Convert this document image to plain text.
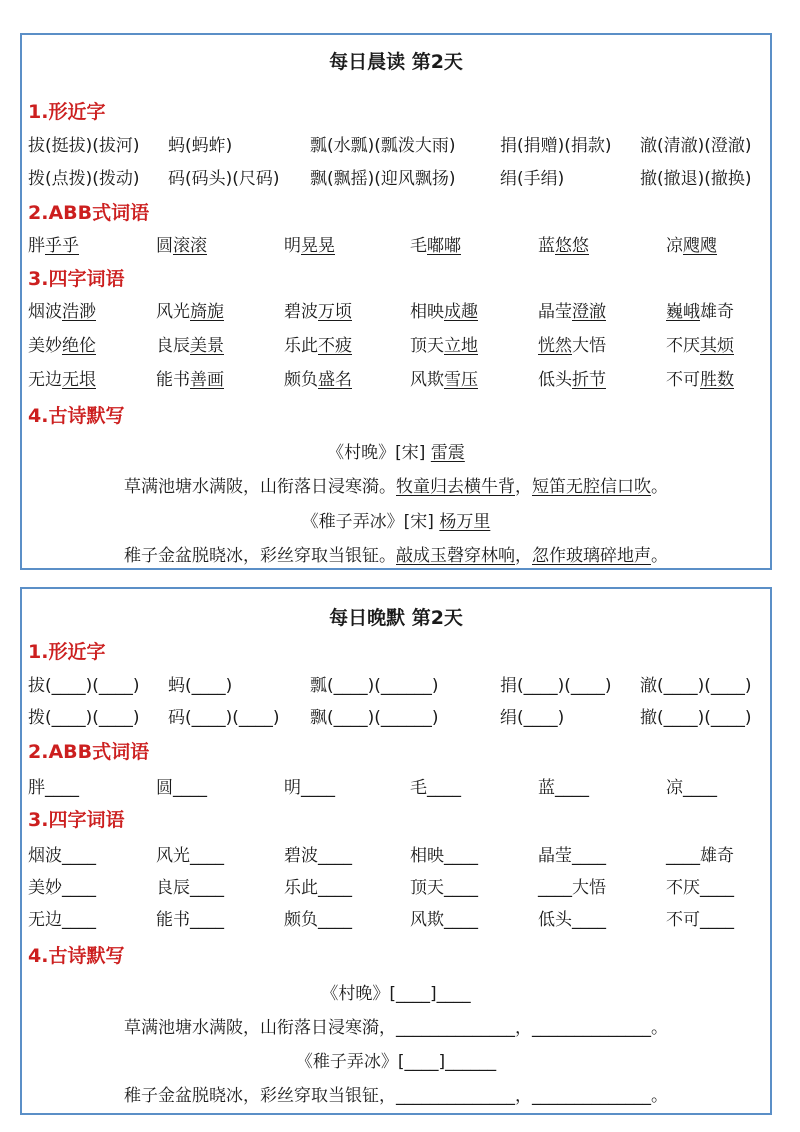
每日晨读 第2天
1.形近字
拔(挺拔)(拔河) 蚂(蚂蚱)	瓢(水瓢)(瓢泼大雨)	捐(捐赠)(捐款) 澈(清澈)(澄澈)
拨(点拨)(拨动) 码(码头)(尺码) 飘(飘摇)(迎风飘扬)	绢(手绢)	撤(撤退)(撤换)
2.ABB式词语
胖乎乎	圆滚滚	明晃晃	毛嘟嘟	蓝悠悠	凉飕飕
3.四字词语
烟波浩渺	风光旖旎	碧波万顷	相映成趣	晶莹澄澈	巍峨雄奇
美妙绝伦	良辰美景	乐此不疲	顶天立地	恍然大悟	不厌其烦
无边无垠	能书善画	颇负盛名	风欺雪压	低头折节	不可胜数
4.古诗默写
《村晚》[宋] 雷震
草满池塘水满陂，山衔落日浸寒漪。牧童归去横牛背，短笛无腔信口吹。
《稚子弄冰》[宋] 杨万里
稚子金盆脱晓冰，彩丝穿取当银钲。敲成玉磬穿林响，忽作玻璃碎地声。
每日晚默 第2天
1.形近字
拔(____)(____) 蚂(____)	瓢(____)(______)	捐(____)(____) 澈(____)(____)
拨(____)(____) 码(____)(____) 飘(____)(______)	绢(____)	撤(____)(____)
2.ABB式词语
胖____	圆____	明____	毛____	蓝____	凉____
3.四字词语
烟波____	风光____	碧波____	相映____	晶莹____	____雄奇
美妙____	良辰____	乐此____	顶天____	____大悟	不厌____
无边____	能书____	颇负____	风欺____	低头____	不可____
4.古诗默写
《村晚》[____]____
草满池塘水满陂，山衔落日浸寒漪，______________，______________。
《稚子弄冰》[____]______
稚子金盆脱晓冰，彩丝穿取当银钲，______________，______________。
